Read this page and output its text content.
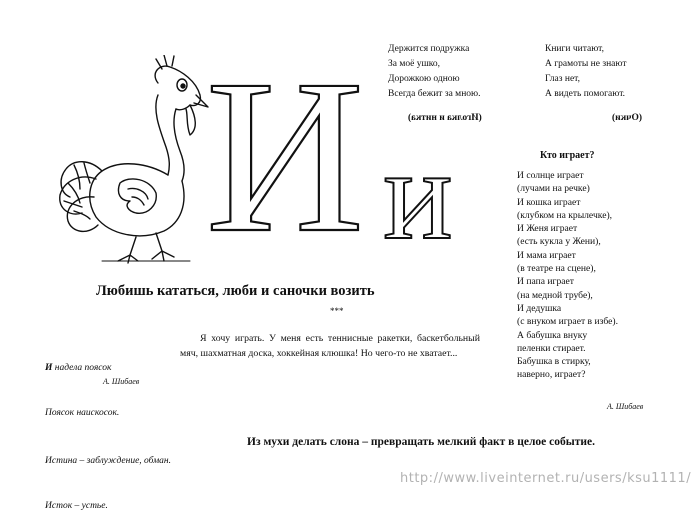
И и
Держится подружка
За моё ушко,
Дорожкою одною
Всегда бежит за мною.
(Иголка и нитка)
Книги читают,
А грамоты не знают
Глаз нет,
А видеть помогают.
(Очки)
Кто играет?
И солнце играет
(лучами на речке)
И кошка играет
(клубком на крылечке),
И Женя играет
(есть кукла у Жени),
И мама играет
(в театре на сцене),
И папа играет
(на медной трубе),
И дедушка
(с внуком играет в избе).
А бабушка внуку
пеленки стирает.
Бабушка в стирку,
наверно, играет?
А. Шибаев
Любишь кататься, люби и саночки возить

И надела поясок

Поясок наискосок.

А. Шибаев
***
Я хочу играть. У меня есть теннисные ракетки, баскетбольный мяч, шахматная доска, хоккейная клюшка! Но чего-то не хватает...

Истина – заблуждение, обман.

Исток – устье.

Из мухи делать слона – превращать мелкий факт в целое событие.
http://www.liveinternet.ru/users/ksu1111/
